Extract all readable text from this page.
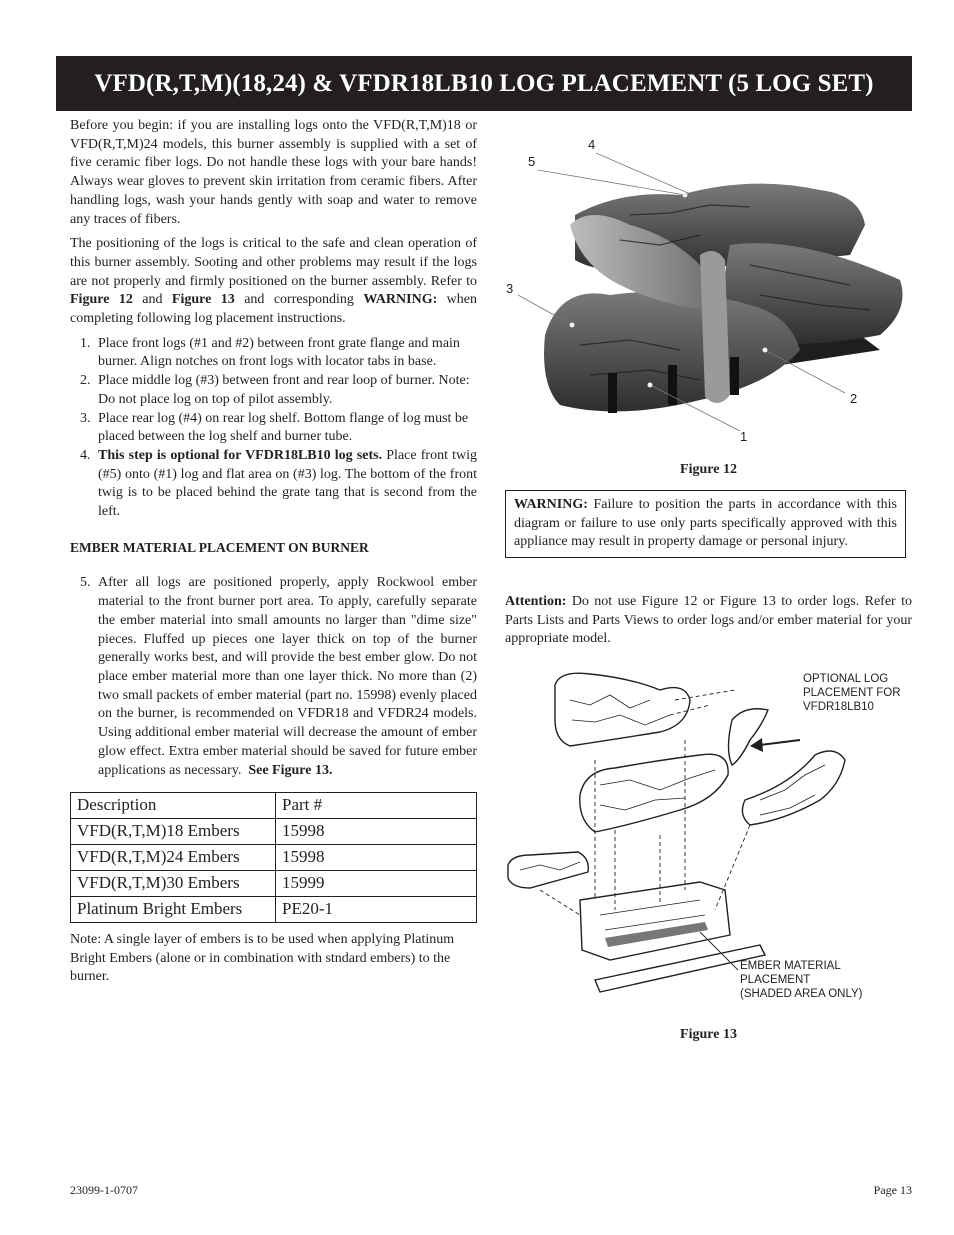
VFD(R,T,M)(18,24) & VFDR18LB10 LOG PLACEMENT (5 LOG SET)

Before you begin: if you are installing logs onto the VFD(R,T,M)18 or VFD(R,T,M)24 models, this burner assembly is supplied with a set of five ceramic fiber logs. Do not handle these logs with your bare hands! Always wear gloves to prevent skin irritation from ceramic fibers. After handling logs, wash your hands gently with soap and water to remove any traces of fibers.

The positioning of the logs is critical to the safe and clean operation of this burner assembly. Sooting and other problems may result if the logs are not properly and firmly positioned on the burner assembly. Refer to Figure 12 and Figure 13 and corresponding WARNING: when completing following log placement instructions.

1. Place front logs (#1 and #2) between front grate flange and main burner. Align notches on front logs with locator tabs in base.
2. Place middle log (#3) between front and rear loop of burner. Note: Do not place log on top of pilot assembly.
3. Place rear log (#4) on rear log shelf. Bottom flange of log must be placed between the log shelf and burner tube.
4. This step is optional for VFDR18LB10 log sets. Place front twig (#5) onto (#1) log and flat area on (#3) log. The bottom of the front twig is to be placed behind the grate tang that is second from the left.
EMBER MATERIAL PLACEMENT ON BURNER
5. After all logs are positioned properly, apply Rockwool ember material to the front burner port area. To apply, carefully separate the ember material into small amounts no larger than "dime size" pieces. Fluffed up pieces one layer thick on top of the burner generally works best, and will provide the best ember glow. Do not place ember material more than one layer thick. No more than (2) two small packets of ember material (part no. 15998) evenly placed on the burner, is recommended on VFDR18 and VFDR24 models. Using additional ember material will decrease the amount of ember glow effect. Extra ember material should be saved for future ember applications as necessary. See Figure 13.
Description	Part #
VFD(R,T,M)18 Embers	15998
VFD(R,T,M)24 Embers	15998
VFD(R,T,M)30 Embers	15999
Platinum Bright Embers	PE20-1
Note: A single layer of embers is to be used when applying Platinum Bright Embers (alone or in combination with stndard embers) to the burner.
5
4
3
2
1
Figure 12
WARNING: Failure to position the parts in accordance with this diagram or failure to use only parts specifically approved with this appliance may result in property damage or personal injury.
Attention: Do not use Figure 12 or Figure 13 to order logs. Refer to Parts Lists and Parts Views to order logs and/or ember material for your appropriate model.
OPTIONAL LOG
PLACEMENT FOR
VFDR18LB10
EMBER MATERIAL
PLACEMENT
(SHADED AREA ONLY)
Figure 13
23099-1-0707	Page 13
